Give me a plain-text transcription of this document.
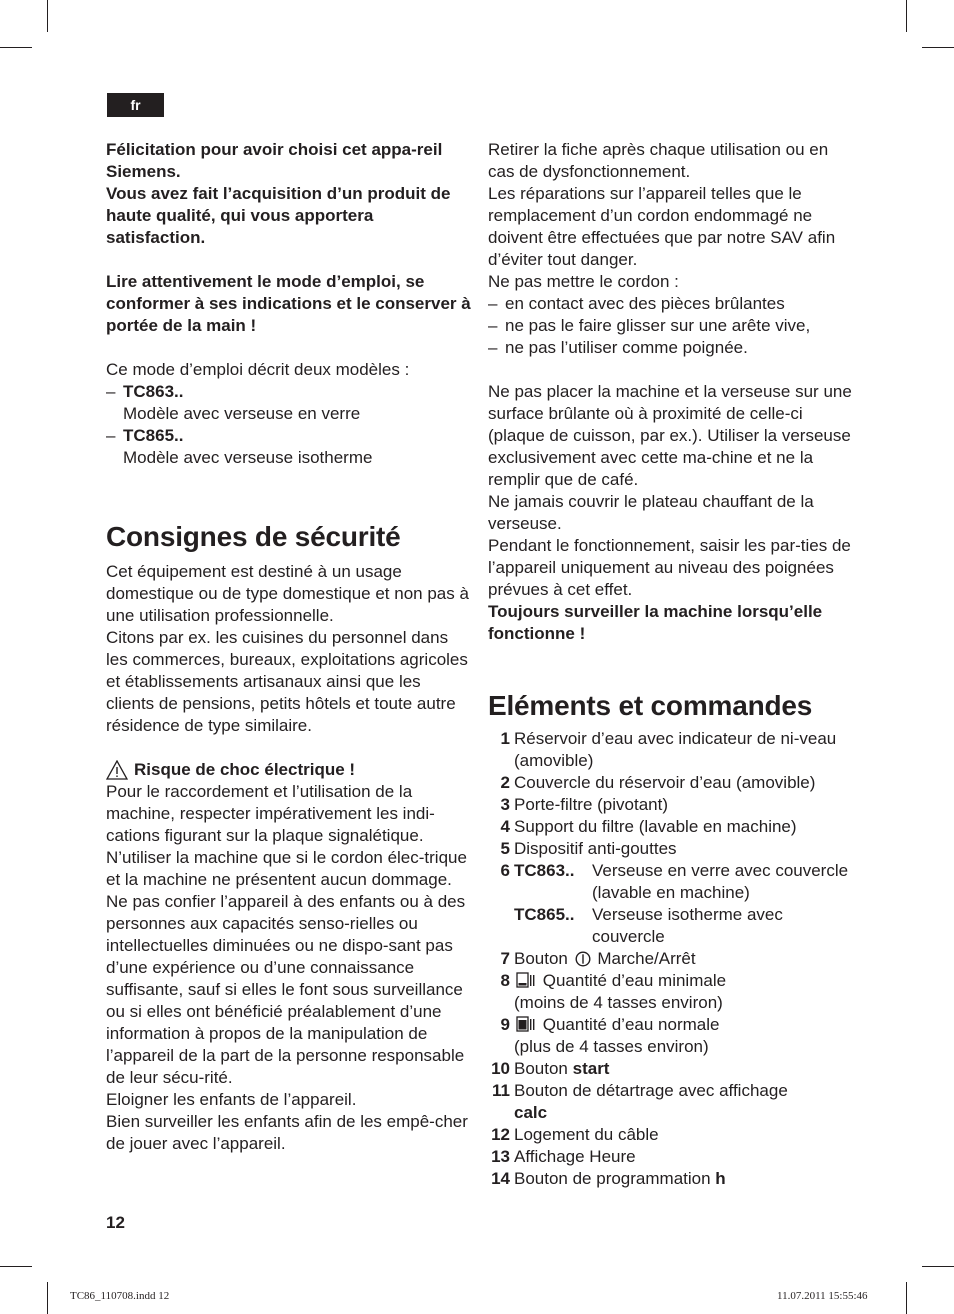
fr

Félicitation pour avoir choisi cet appa-reil Siemens.

Vous avez fait l’acquisition d’un produit de haute qualité, qui vous apportera satisfaction.

Lire attentivement le mode d’emploi, se conformer à ses indications et le conserver à portée de la main !

Ce mode d’emploi décrit deux modèles :

– TC863..

Modèle avec verseuse en verre

– TC865..

Modèle avec verseuse isotherme

Consignes de sécurité

Cet équipement est destiné à un usage domestique ou de type domestique et non pas à une utilisation professionnelle.

Citons par ex. les cuisines du personnel dans les commerces, bureaux, exploitations agricoles et établissements artisanaux ainsi que les clients de pensions, petits hôtels et toute autre résidence de type similaire.

Risque de choc électrique !

Pour le raccordement et l’utilisation de la machine, respecter impérativement les indi-cations figurant sur la plaque signalétique.

N’utiliser la machine que si le cordon élec-trique et la machine ne présentent aucun dommage.

Ne pas confier l’appareil à des enfants ou à des personnes aux capacités senso-rielles ou intellectuelles diminuées ou ne dispo-sant pas d’une expérience ou d’une connaissance suffisante, sauf si elles le font sous surveillance ou si elles ont bénéficié préalablement d’une information à propos de la manipulation de l’appareil de la part de la personne responsable de leur sécu-rité.

Eloigner les enfants de l’appareil.

Bien surveiller les enfants afin de les empê-cher de jouer avec l’appareil.

Retirer la fiche après chaque utilisation ou en cas de dysfonctionnement.

Les réparations sur l’appareil telles que le remplacement d’un cordon endommagé ne doivent être effectuées que par notre SAV afin d’éviter tout danger.

Ne pas mettre le cordon :

– en contact avec des pièces brûlantes
– ne pas le faire glisser sur une arête vive,
– ne pas l’utiliser comme poignée.

Ne pas placer la machine et la verseuse sur une surface brûlante où à proximité de celle-ci (plaque de cuisson, par ex.). Utiliser la verseuse exclusivement avec cette ma-chine et ne la remplir que de café.

Ne jamais couvrir le plateau chauffant de la verseuse.

Pendant le fonctionnement, saisir les par-ties de l’appareil uniquement au niveau des poignées prévues à cet effet.

Toujours surveiller la machine lorsqu’elle fonctionne !

Eléments et commandes
1 Réservoir d’eau avec indicateur de ni-veau (amovible)
2 Couvercle du réservoir d’eau (amovible)
3 Porte-filtre (pivotant)
4 Support du filtre (lavable en machine)
5 Dispositif anti-gouttes
6 TC863..	Verseuse en verre avec couvercle (lavable en machine)
TC865..	Verseuse isotherme avec couvercle
7 Bouton Marche/Arrêt
8	Quantité d’eau minimale
(moins de 4 tasses environ)
9	Quantité d’eau normale
(plus de 4 tasses environ)
10 Bouton start
11 Bouton de détartrage avec affichage
calc
12 Logement du câble
13 Affichage Heure
14 Bouton de programmation h
12
TC86_110708.indd 12	11.07.2011 15:55:46
